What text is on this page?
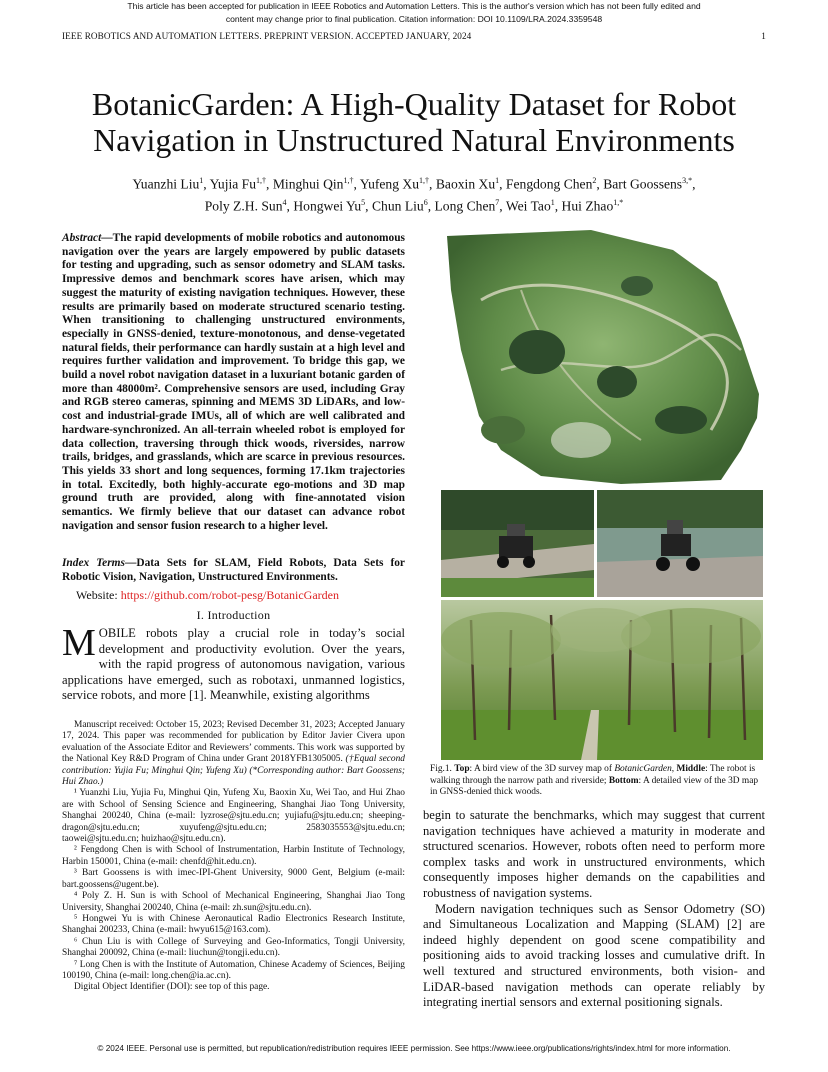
This article has been accepted for publication in IEEE Robotics and Automation Letters. This is the author's version which has not been fully edited and
content may change prior to final publication. Citation information: DOI 10.1109/LRA.2024.3359548
IEEE ROBOTICS AND AUTOMATION LETTERS. PREPRINT VERSION. ACCEPTED JANUARY, 2024	1
BotanicGarden: A High-Quality Dataset for Robot
Navigation in Unstructured Natural Environments
Yuanzhi Liu$^1$, Yujia $Fu^{1,\dagger}$, Minghui Qin$^{1,\dagger}$, Yufeng $Xu^{1,\dagger}$, Baoxin Xu$^1$, Fengdong Chen$^2$, Bart Goossens$^{3,*}$,
Poly Z.H. Sun$^4$, Hongwei Yu$^5$, Chun Liu$^6$, Long Chen$^7$, Wei Tao$^1$, Hui Zhao$^{1,*}$
Abstract—The rapid developments of mobile robotics and autonomous navigation over the years are largely empowered by public datasets for testing and upgrading, such as sensor odometry and SLAM tasks. Impressive demos and benchmark scores have arisen, which may suggest the maturity of existing navigation techniques. However, these results are primarily based on moderate structured scenario testing. When transitioning to challenging unstructured environments, especially in GNSS-denied, texture-monotonous, and dense-vegetated natural fields, their performance can hardly sustain at a high level and requires further validation and improvement. To bridge this gap, we build a novel robot navigation dataset in a luxuriant botanic garden of more than 48000m². Comprehensive sensors are used, including Gray and RGB stereo cameras, spinning and MEMS 3D LiDARs, and low-cost and industrial-grade IMUs, all of which are well calibrated and hardware-synchronized. An all-terrain wheeled robot is employed for data collection, traversing through thick woods, riversides, narrow trails, bridges, and grasslands, which are scarce in previous resources. This yields 33 short and long sequences, forming 17.1km trajectories in total. Excitedly, both highly-accurate ego-motions and 3D map ground truth are provided, along with fine-annotated vision semantics. We firmly believe that our dataset can advance robot navigation and sensor fusion research to a higher level.
Index Terms—Data Sets for SLAM, Field Robots, Data Sets for Robotic Vision, Navigation, Unstructured Environments.
Website: https://github.com/robot-pesg/BotanicGarden
I. Introduction
MOBILE robots play a crucial role in today’s social development and productivity evolution. Over the years, with the rapid progress of autonomous navigation, various applications have emerged, such as robotaxi, unmanned logistics, service robots, and more [1]. Meanwhile, existing algorithms

Manuscript received: October 15, 2023; Revised December 31, 2023; Accepted January 17, 2024. This paper was recommended for publication by Editor Javier Civera upon evaluation of the Associate Editor and Reviewers’ comments. This work was supported by the National Key R&D Program of China under Grant 2018YFB1305005. (†Equal second contribution: Yujia Fu; Minghui Qin; Yufeng Xu) (*Corresponding author: Bart Goossens; Hui Zhao.)

¹ Yuanzhi Liu, Yujia Fu, Minghui Qin, Yufeng Xu, Baoxin Xu, Wei Tao, and Hui Zhao are with School of Sensing Science and Engineering, Shanghai Jiao Tong University, Shanghai 200240, China (e-mail: lyzrose@sjtu.edu.cn; yujiafu@sjtu.edu.cn; sheeping-dragon@sjtu.edu.cn; xuyufeng@sjtu.edu.cn; 2583035553@sjtu.edu.cn; taowei@sjtu.edu.cn; huizhao@sjtu.edu.cn).

² Fengdong Chen is with School of Instrumentation, Harbin Institute of Technology, Harbin 150001, China (e-mail: chenfd@hit.edu.cn).

³ Bart Goossens is with imec-IPI-Ghent University, 9000 Gent, Belgium (e-mail: bart.goossens@ugent.be).

⁴ Poly Z. H. Sun is with School of Mechanical Engineering, Shanghai Jiao Tong University, Shanghai 200240, China (e-mail: zh.sun@sjtu.edu.cn).

⁵ Hongwei Yu is with Chinese Aeronautical Radio Electronics Research Institute, Shanghai 200233, China (e-mail: hwyu615@163.com).

⁶ Chun Liu is with College of Surveying and Geo-Informatics, Tongji University, Shanghai 200092, China (e-mail: liuchun@tongji.edu.cn).

⁷ Long Chen is with the Institute of Automation, Chinese Academy of Sciences, Beijing 100190, China (e-mail: long.chen@ia.ac.cn).

Digital Object Identifier (DOI): see top of this page.

Fig.1. Top: A bird view of the 3D survey map of BotanicGarden, Middle: The robot is walking through the narrow path and riverside; Bottom: A detailed view of the 3D map in GNSS-denied thick woods.

begin to saturate the benchmarks, which may suggest that current navigation techniques have achieved a maturity in moderate and structured scenarios. However, robots often need to perform more complex tasks and work in unstructured environments, which consequently imposes higher demands on the capabilities and robustness of navigation systems.

Modern navigation techniques such as Sensor Odometry (SO) and Simultaneous Localization and Mapping (SLAM) [2] are indeed highly dependent on good scene compatibility and positioning aids to avoid tracking losses and cumulative drift. In well textured and structured environments, both vision- and LiDAR-based navigation methods can operate reliably by integrating inertial sensors and external positioning signals.

© 2024 IEEE. Personal use is permitted, but republication/redistribution requires IEEE permission. See https://www.ieee.org/publications/rights/index.html for more information.
